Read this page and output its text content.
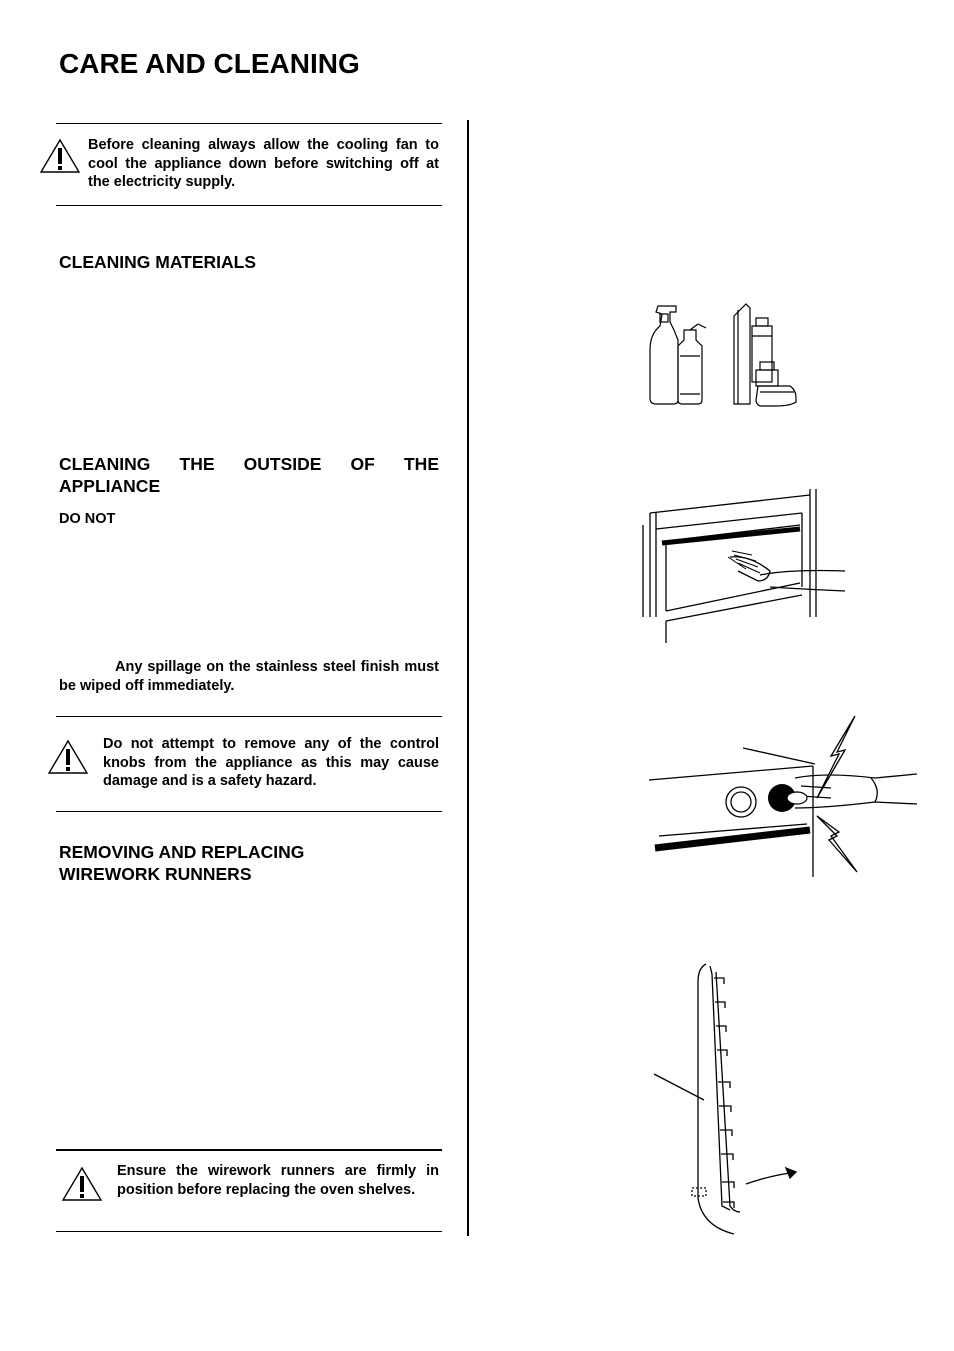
CARE AND CLEANING

Before cleaning always allow the cooling fan to cool the appliance down before switching off at the electricity supply.

CLEANING MATERIALS
CLEANING THE OUTSIDE OF THE
APPLIANCE
DO NOT

Any spillage on the stainless steel finish must be wiped off immediately.

Do not attempt to remove any of the control knobs from the appliance as this may cause damage and is a safety hazard.

REMOVING AND REPLACING
WIREWORK RUNNERS

Ensure the wirework runners are firmly in position before replacing the oven shelves.
